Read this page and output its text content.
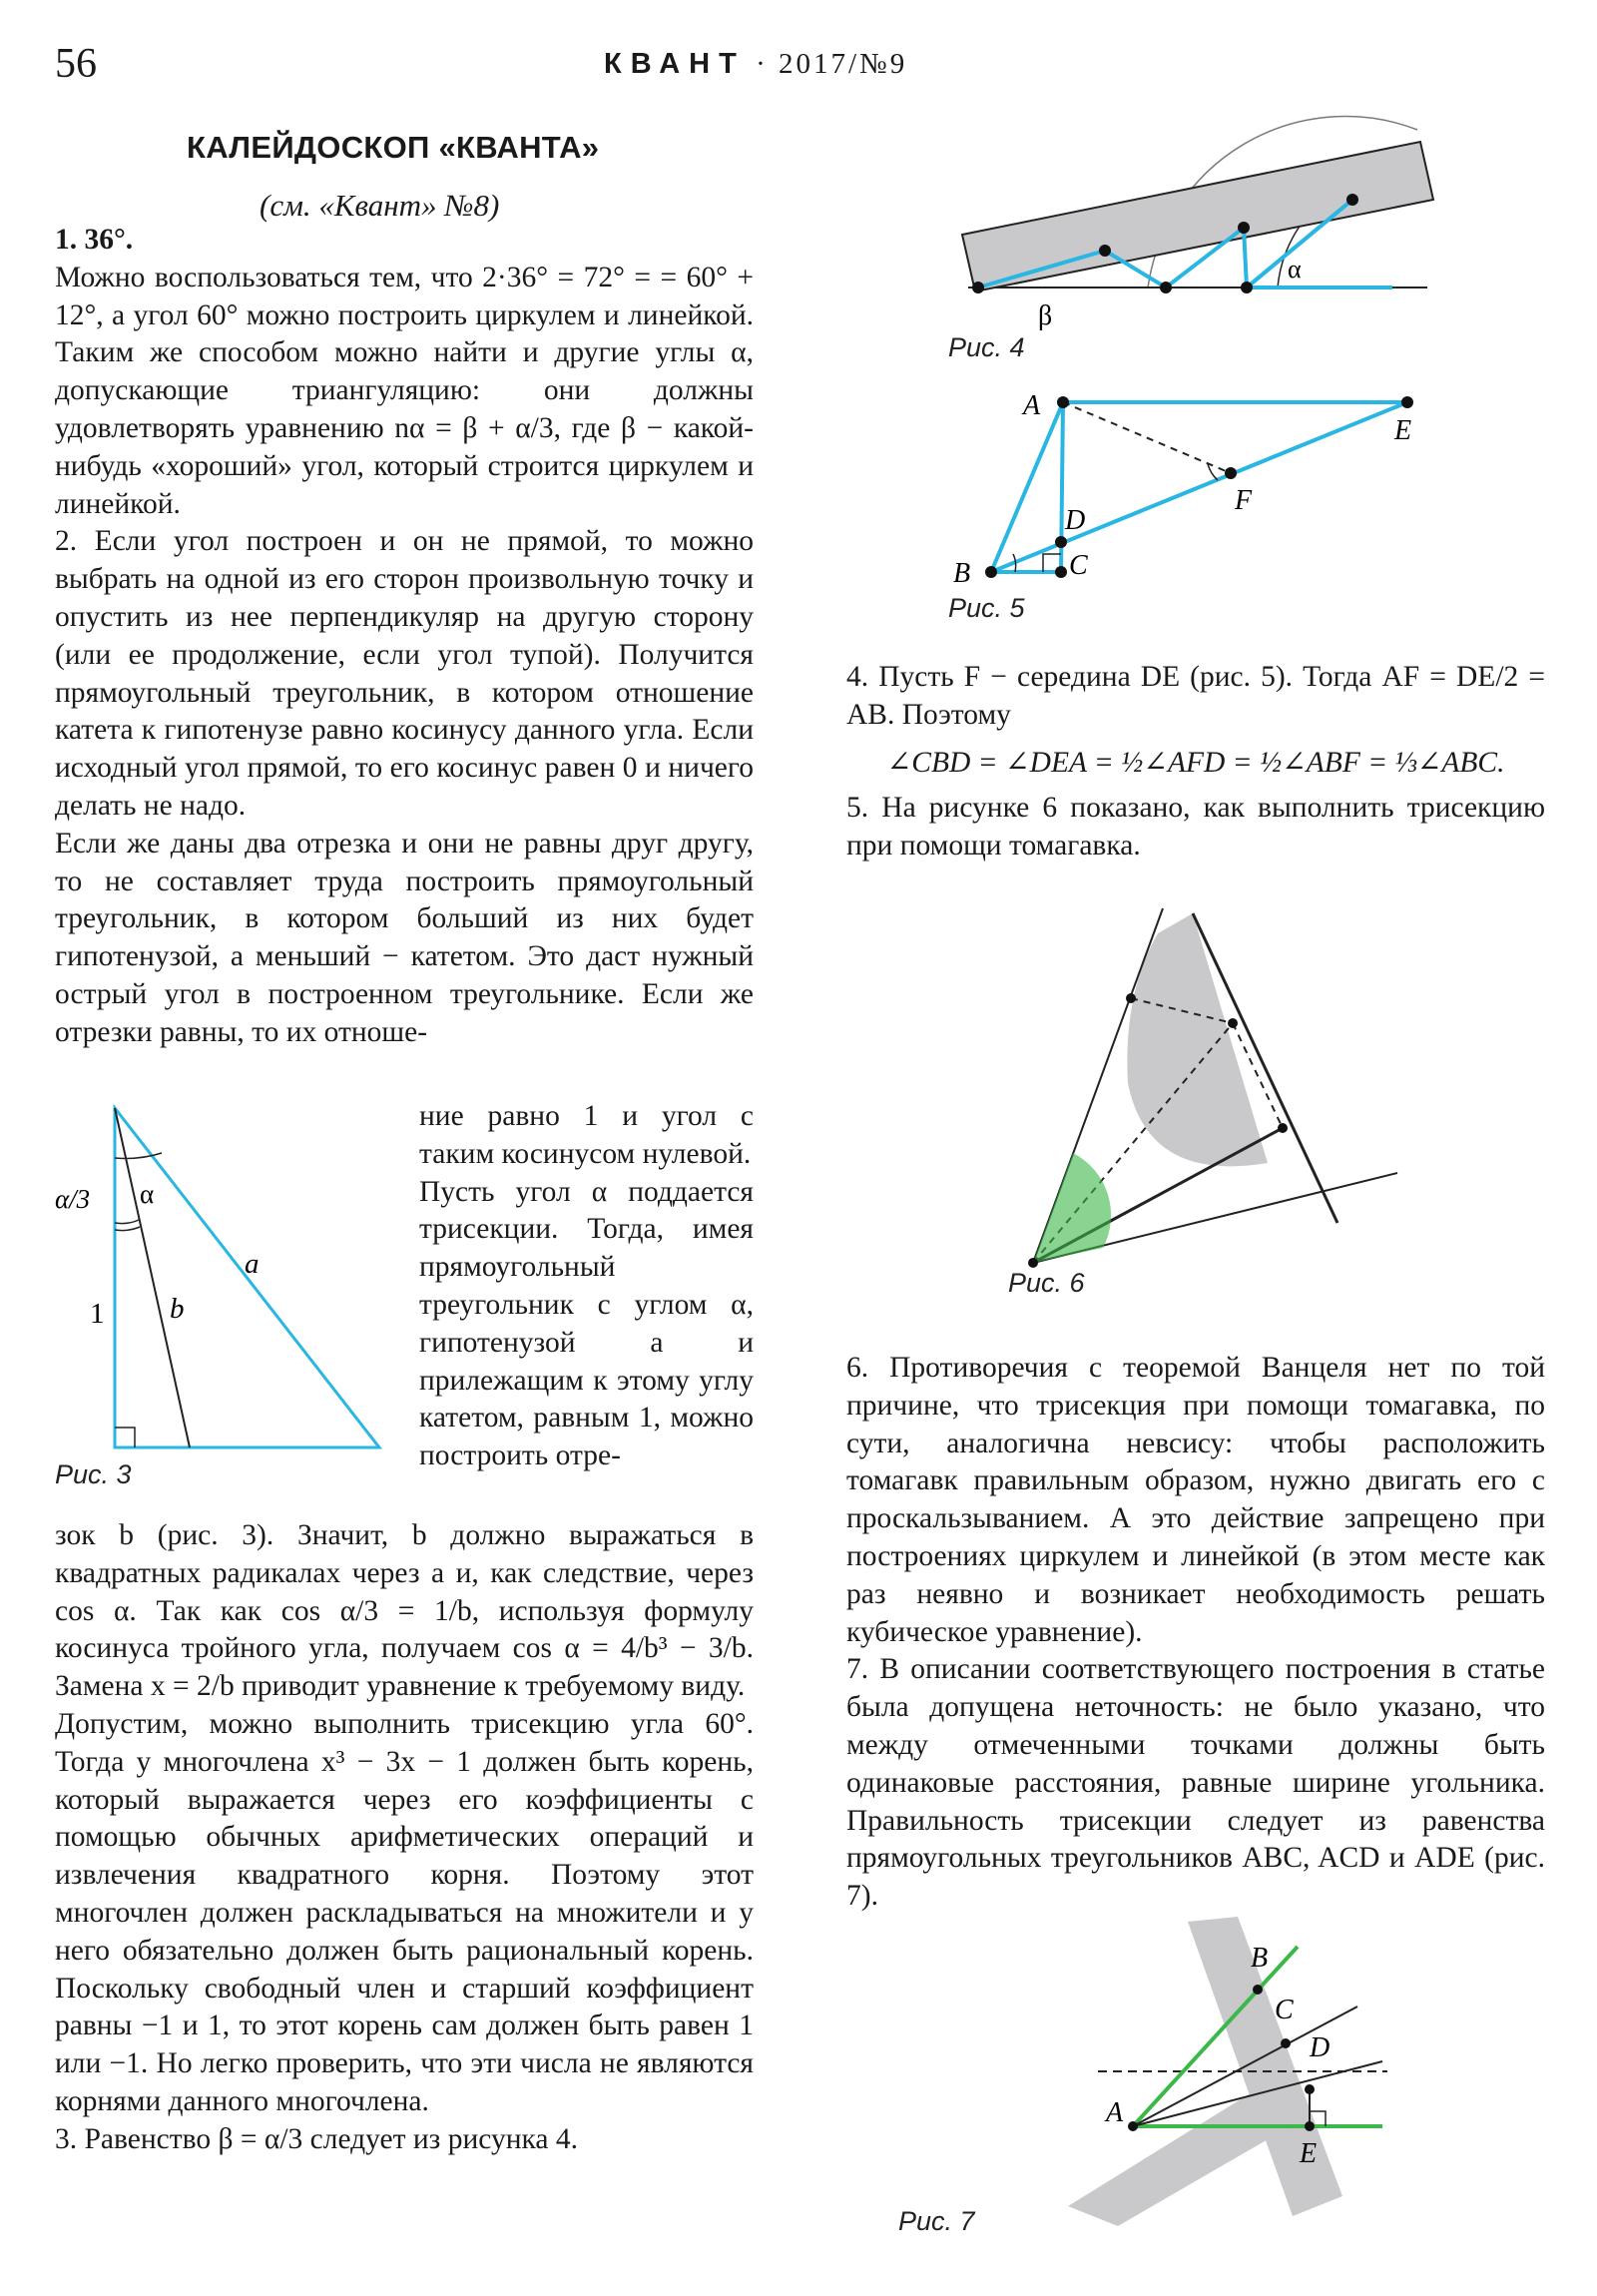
56	КВАНТ · 2017/№9
КАЛЕЙДОСКОП «КВАНТА»
(см. «Квант» №8)

1. 36°.

Можно воспользоваться тем, что 2·36° = 72° = = 60° + 12°, а угол 60° можно построить циркулем и линейкой. Таким же способом можно найти и другие углы α, допускающие триангуляцию: они должны удовлетворять уравнению nα = β + α/3, где β − какой-нибудь «хороший» угол, который строится циркулем и линейкой.

2. Если угол построен и он не прямой, то можно выбрать на одной из его сторон произвольную точку и опустить из нее перпендикуляр на другую сторону (или ее продолжение, если угол тупой). Получится прямоугольный треугольник, в котором отношение катета к гипотенузе равно косинусу данного угла. Если исходный угол прямой, то его косинус равен 0 и ничего делать не надо.

Если же даны два отрезка и они не равны друг другу, то не составляет труда построить прямоугольный треугольник, в котором больший из них будет гипотенузой, а меньший − катетом. Это даст нужный острый угол в построенном треугольнике. Если же отрезки равны, то их отноше-

ние равно 1 и угол с таким косинусом нулевой.

Пусть угол α поддается трисекции. Тогда, имея прямоугольный треугольник с углом α, гипотенузой a и прилежащим к этому углу катетом, равным 1, можно построить отре-

зок b (рис. 3). Значит, b должно выражаться в квадратных радикалах через a и, как следствие, через cos α. Так как cos α/3 = 1/b, используя формулу косинуса тройного угла, получаем cos α = 4/b³ − 3/b. Замена x = 2/b приводит уравнение к требуемому виду.

Допустим, можно выполнить трисекцию угла 60°. Тогда у многочлена x³ − 3x − 1 должен быть корень, который выражается через его коэффициенты с помощью обычных арифметических операций и извлечения квадратного корня. Поэтому этот многочлен должен раскладываться на множители и у него обязательно должен быть рациональный корень. Поскольку свободный член и старший коэффициент равны −1 и 1, то этот корень сам должен быть равен 1 или −1. Но легко проверить, что эти числа не являются корнями данного многочлена.

3. Равенство β = α/3 следует из рисунка 4.

α/3 α
a
b
1
Рис. 3
α
β
Рис. 4
A
E
F
D
C
B
Рис. 5

4. Пусть F − середина DE (рис. 5). Тогда AF = DE/2 = AB. Поэтому

∠CBD = ∠DEA = ½∠AFD = ½∠ABF = ⅓∠ABC.

5. На рисунке 6 показано, как выполнить трисекцию при помощи томагавка.

Рис. 6

6. Противоречия с теоремой Ванцеля нет по той причине, что трисекция при помощи томагавка, по сути, аналогична невсису: чтобы расположить томагавк правильным образом, нужно двигать его с проскальзыванием. А это действие запрещено при построениях циркулем и линейкой (в этом месте как раз неявно и возникает необходимость решать кубическое уравнение).

7. В описании соответствующего построения в статье была допущена неточность: не было указано, что между отмеченными точками должны быть одинаковые расстояния, равные ширине угольника. Правильность трисекции следует из равенства прямоугольных треугольников ABC, ACD и ADE (рис. 7).

A
B
C
D
E
Рис. 7
